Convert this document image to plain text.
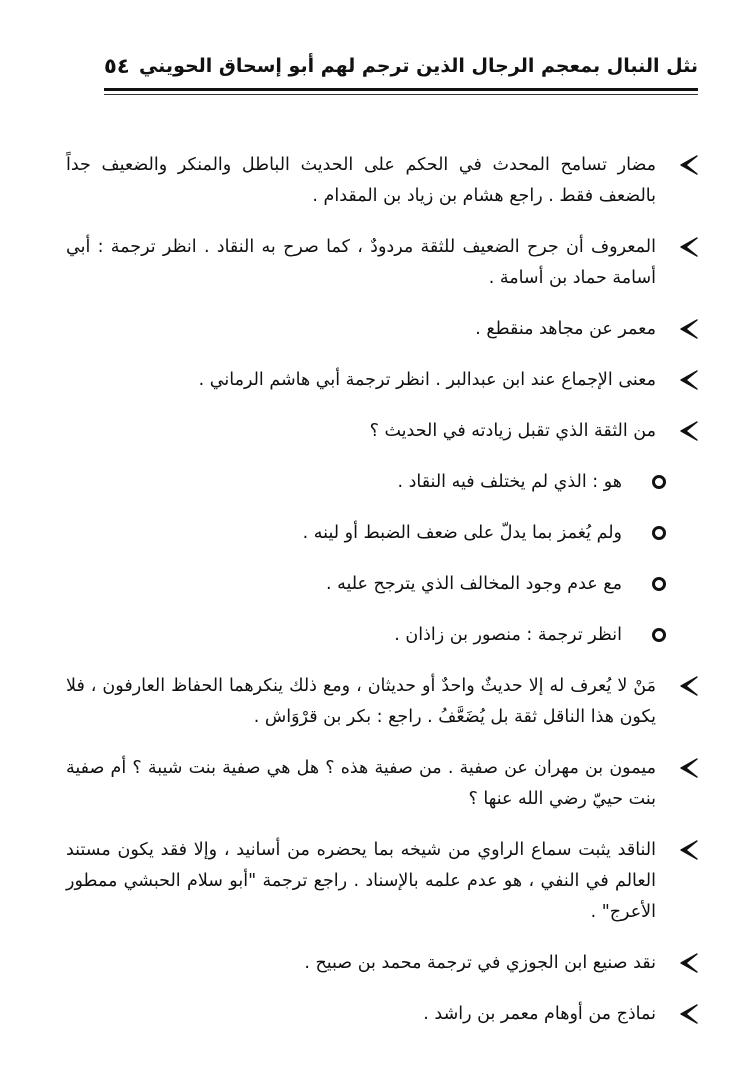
٥٤ نثل النبال بمعجم الرجال الذين ترجم لهم أبو إسحاق الحويني
مضار تسامح المحدث في الحكم على الحديث الباطل والمنكر والضعيف جداً بالضعف فقط . راجع هشام بن زياد بن المقدام .
المعروف أن جرح الضعيف للثقة مردودٌ ، كما صرح به النقاد . انظر ترجمة : أبي أسامة حماد بن أسامة .
معمر عن مجاهد منقطع .
معنى الإجماع عند ابن عبدالبر . انظر ترجمة أبي هاشم الرماني .
من الثقة الذي تقبل زيادته في الحديث ؟
هو : الذي لم يختلف فيه النقاد .
ولم يُغمز بما يدلّ على ضعف الضبط أو لينه .
مع عدم وجود المخالف الذي يترجح عليه .
انظر ترجمة : منصور بن زاذان .
مَنْ لا يُعرف له إلا حديثٌ واحدٌ أو حديثان ، ومع ذلك ينكرهما الحفاظ العارفون ، فلا يكون هذا الناقل ثقة بل يُضَعَّفُ . راجع : بكر بن قرْوَاش .
ميمون بن مهران عن صفية . من صفية هذه ؟ هل هي صفية بنت شيبة ؟ أم صفية بنت حييّ رضي الله عنها ؟
الناقد يثبت سماع الراوي من شيخه بما يحضره من أسانيد ، وإلا فقد يكون مستند العالم في النفي ، هو عدم علمه بالإسناد . راجع ترجمة "أبو سلام الحبشي ممطور الأعرج" .
نقد صنيع ابن الجوزي في ترجمة محمد بن صبيح .
نماذج من أوهام معمر بن راشد .
